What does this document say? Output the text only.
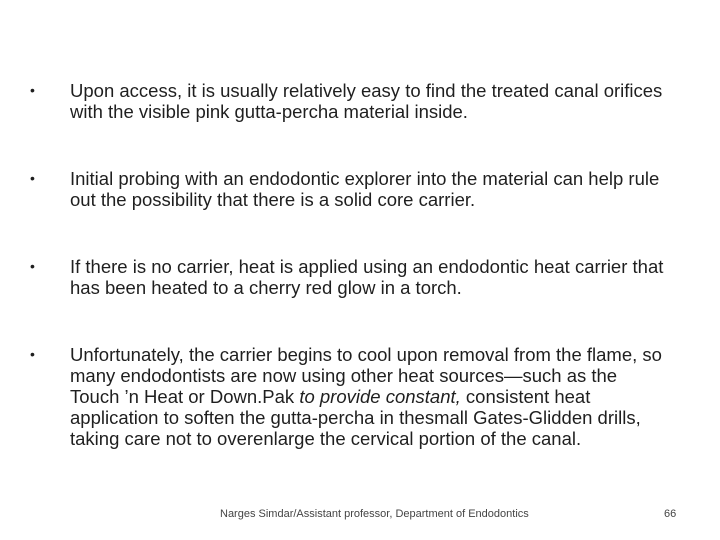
•	Upon access, it is usually relatively easy to find the treated canal orifices with the visible pink gutta-percha material inside.
•	Initial probing with an endodontic explorer into the material can help rule out the possibility that there is a solid core carrier.
•	If there is no carrier, heat is applied using an endodontic heat carrier that has been heated to a cherry red glow in a torch.
•	Unfortunately, the carrier begins to cool upon removal from the flame, so many endodontists are now using other heat sources—such as the Touch ’n Heat or Down.Pak to provide constant, consistent heat application to soften the gutta-percha in thesmall Gates-Glidden drills, taking care not to overenlarge the cervical portion of the canal.
Narges Simdar/Assistant professor, Department of Endodontics	66
